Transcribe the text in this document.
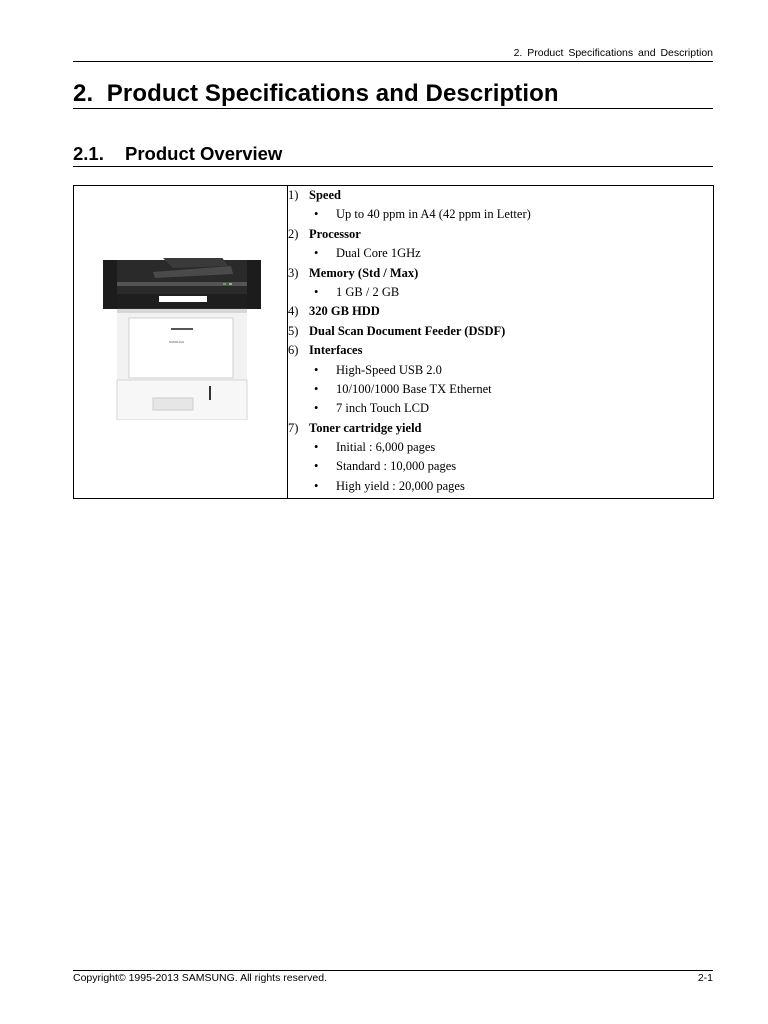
2. Product Specifications and Description
2. Product Specifications and Description
2.1. Product Overview
SAMSUNG

1) Speed
• Up to 40 ppm in A4 (42 ppm in Letter)
2) Processor
• Dual Core 1GHz
3) Memory (Std / Max)
• 1 GB / 2 GB
4) 320 GB HDD
5) Dual Scan Document Feeder (DSDF)
6) Interfaces
• High-Speed USB 2.0
• 10/100/1000 Base TX Ethernet
• 7 inch Touch LCD
7) Toner cartridge yield
• Initial : 6,000 pages
• Standard : 10,000 pages
• High yield : 20,000 pages
Copyright© 1995-2013 SAMSUNG. All rights reserved.	2-1
